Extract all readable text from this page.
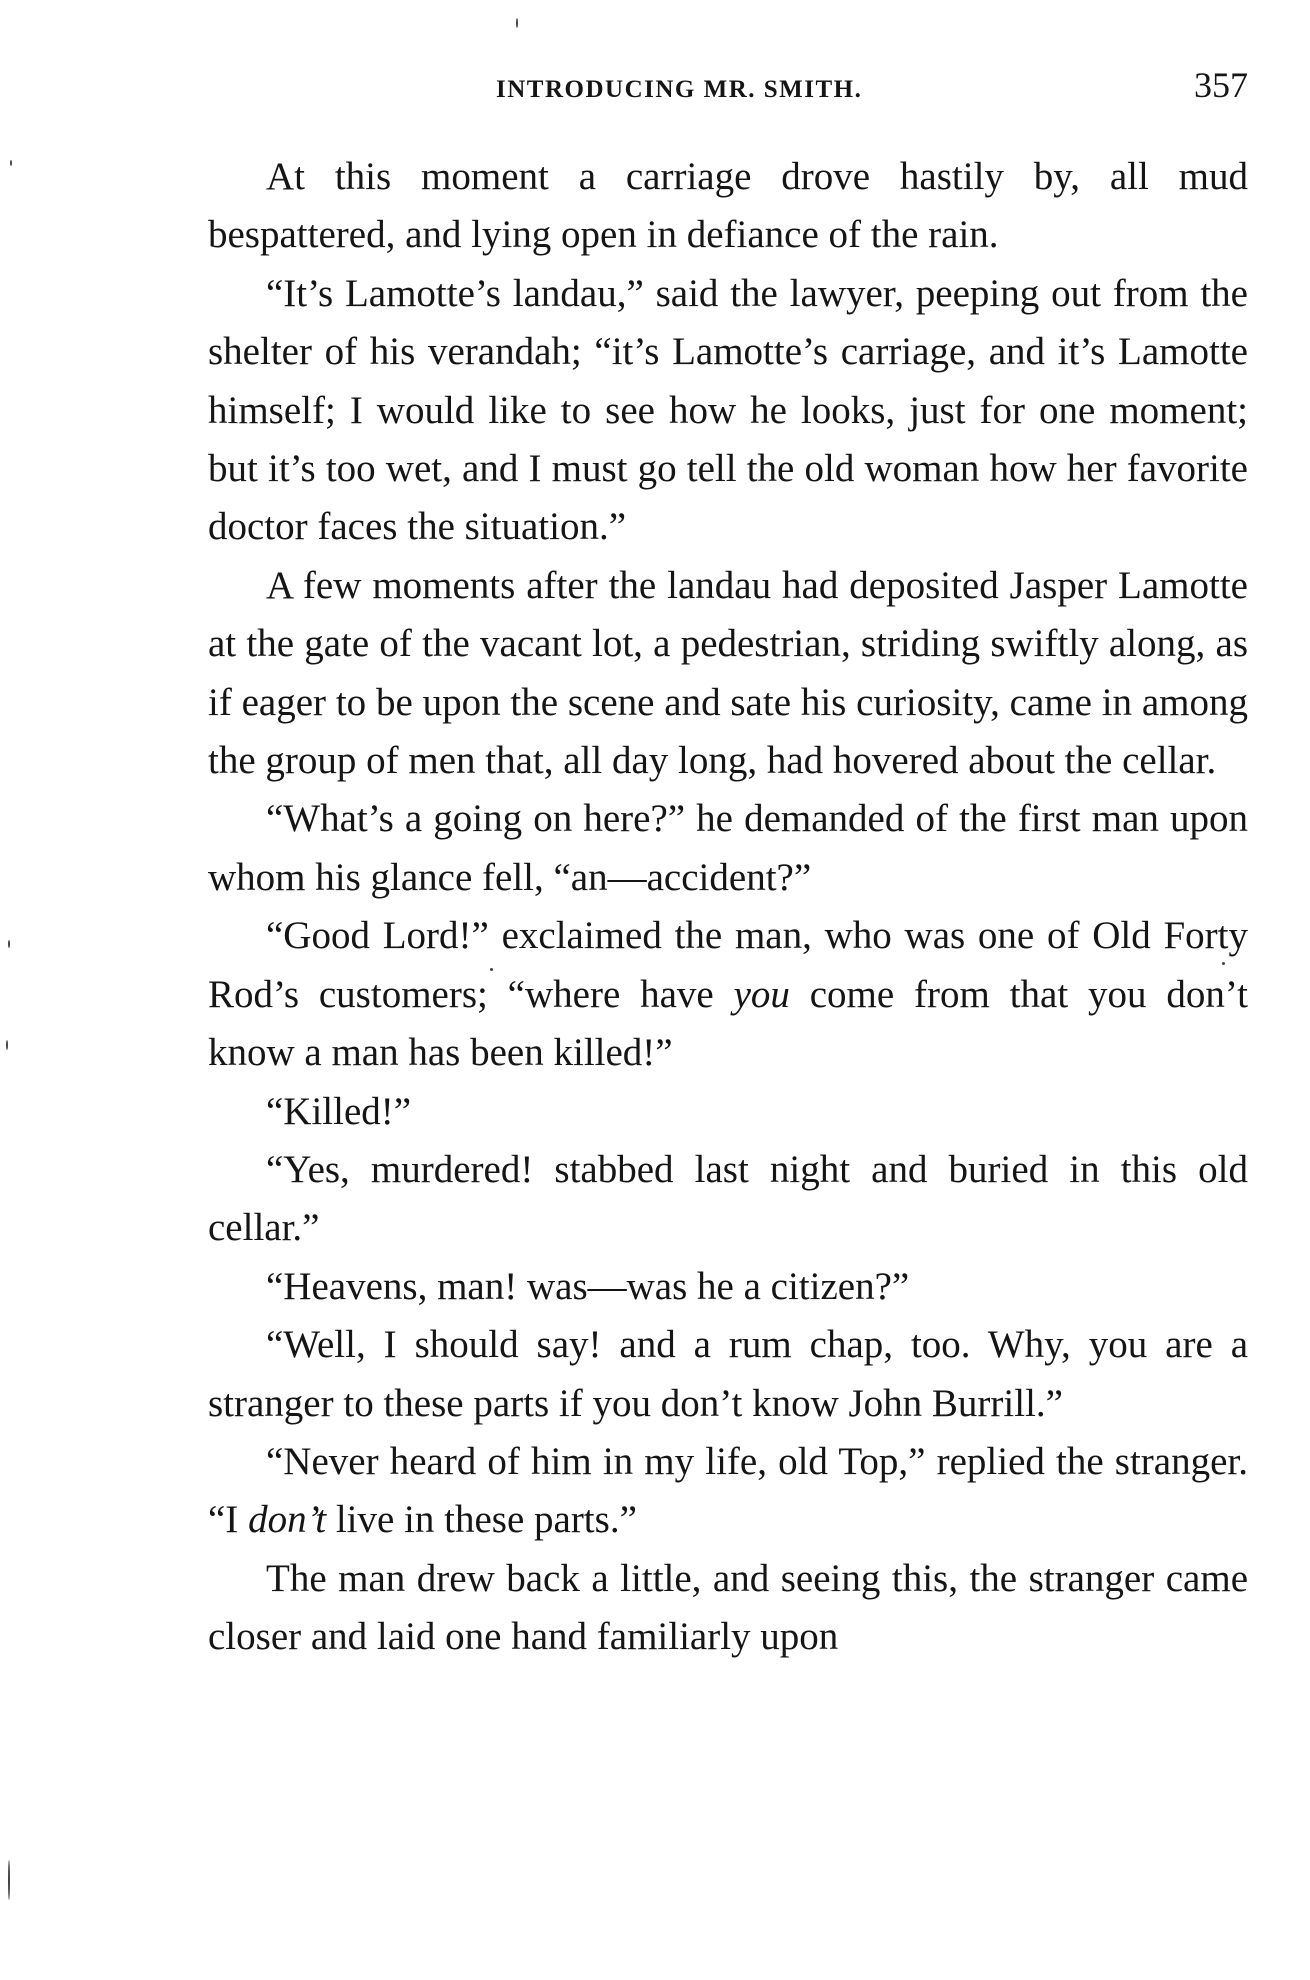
INTRODUCING MR. SMITH.	357

At this moment a carriage drove hastily by, all mud bespattered, and lying open in defiance of the rain.

“It’s Lamotte’s landau,” said the lawyer, peeping out from the shelter of his verandah; “it’s Lamotte’s carriage, and it’s Lamotte himself; I would like to see how he looks, just for one moment; but it’s too wet, and I must go tell the old woman how her favorite doctor faces the situation.”

A few moments after the landau had deposited Jasper Lamotte at the gate of the vacant lot, a pedestrian, striding swiftly along, as if eager to be upon the scene and sate his curiosity, came in among the group of men that, all day long, had hovered about the cellar.

“What’s a going on here?” he demanded of the first man upon whom his glance fell, “an—accident?”

“Good Lord!” exclaimed the man, who was one of Old Forty Rod’s customers; “where have you come from that you don’t know a man has been killed!”

“Killed!”

“Yes, murdered! stabbed last night and buried in this old cellar.”

“Heavens, man! was—was he a citizen?”

“Well, I should say! and a rum chap, too. Why, you are a stranger to these parts if you don’t know John Burrill.”

“Never heard of him in my life, old Top,” replied the stranger. “I don’t live in these parts.”

The man drew back a little, and seeing this, the stranger came closer and laid one hand familiarly upon
